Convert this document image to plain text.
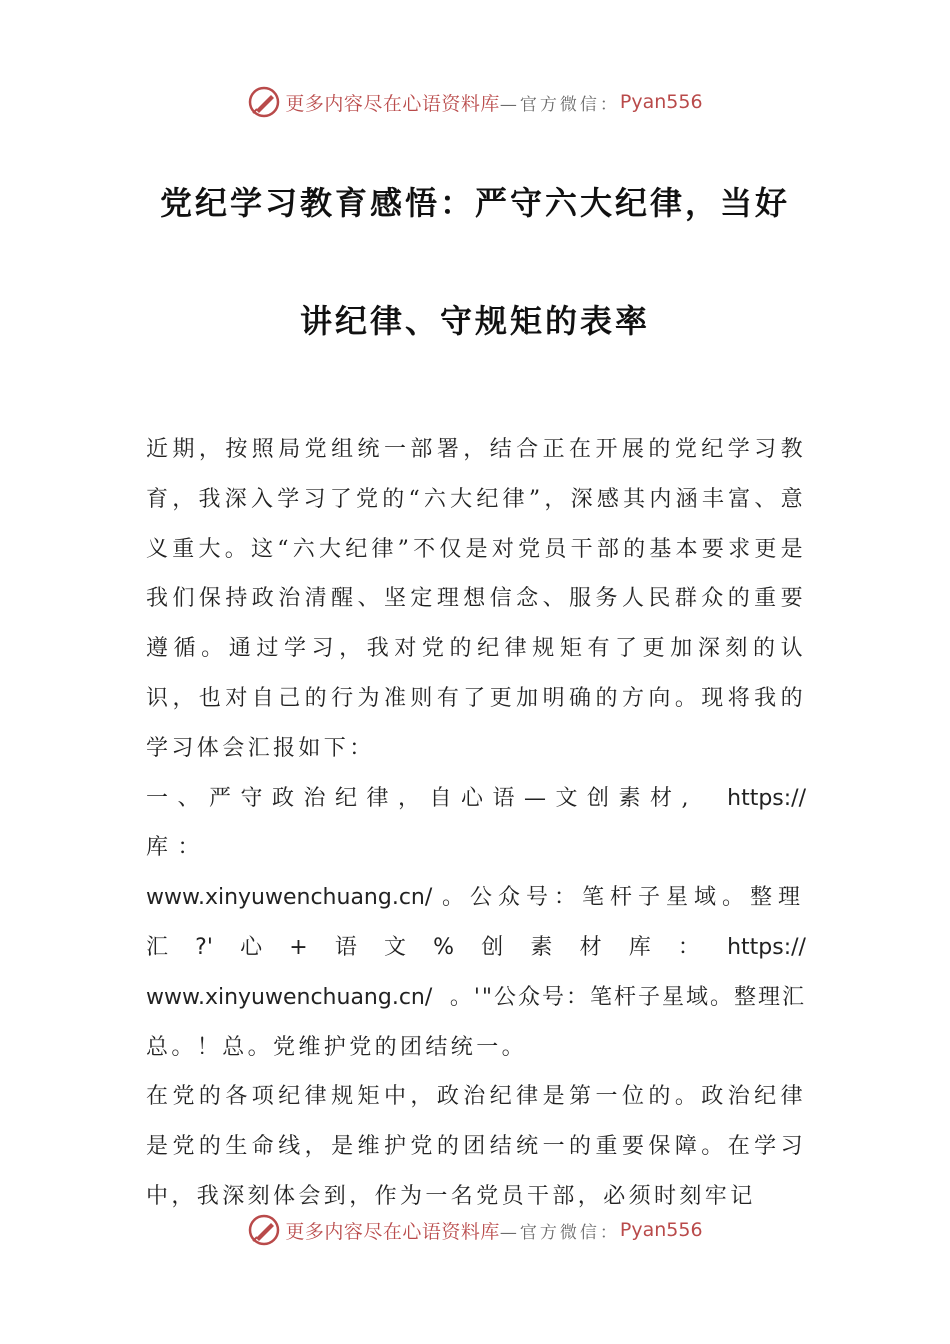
更多内容尽在心语资料库 —官方微信： Pyan556
党纪学习教育感悟：严守六大纪律，当好
讲纪律、守规矩的表率

近期，按照局党组统一部署，结合正在开展的党纪学习教育，我深入学习了党的“六大纪律”，深感其内涵丰富、意义重大。这“六大纪律”不仅是对党员干部的基本要求更是我们保持政治清醒、坚定理想信念、服务人民群众的重要遵循。通过学习，我对党的纪律规矩有了更加深刻的认识，也对自己的行为准则有了更加明确的方向。现将我的学习体会汇报如下：

一、严守政治纪律，自心语—文创素材,库：
https://
www.xinyuwenchuang.cn/ 。公众号：笔杆子星域。整理
汇 ?' 心 + 语 文 % 创 素 材 库 ： https://
www.xinyuwenchuang.cn/ 。'"公众号：笔杆子星域。整理汇

总。！总。党维护党的团结统一。

在党的各项纪律规矩中，政治纪律是第一位的。政治纪律是党的生命线，是维护党的团结统一的重要保障。在学习中，我深刻体会到，作为一名党员干部，必须时刻牢记

更多内容尽在心语资料库 —官方微信： Pyan556
